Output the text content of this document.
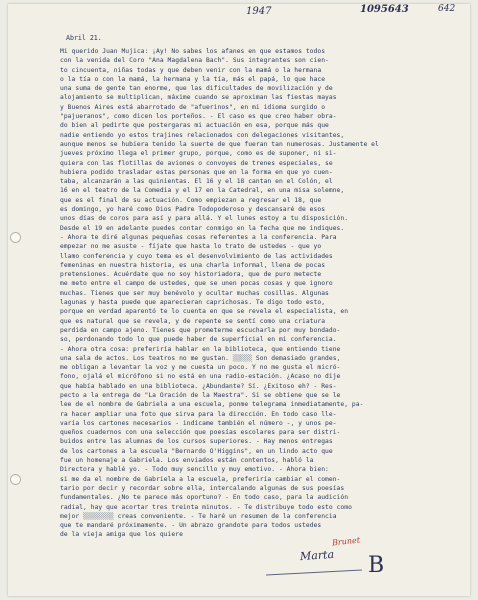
1947	1095643	642
Abril 21.
Mi querido Juan Mujica: ¡Ay! No sabes los afanes en que estamos todos
con la venida del Coro "Ana Magdalena Bach". Sus integrantes son cien-
to cincuenta, niñas todas y que deben venir con la mamá o la hermana
o la tía o con la mamá, la hermana y la tía, más el papá, lo que hace
una suma de gente tan enorme, que las dificultades de movilización y de
alojamiento se multiplican, máxime cuando se aproximan las fiestas mayas
y Buenos Aires está abarrotado de "afuerinos", en mi idioma surgido o
"pajueranos", como dicen los porteños. - El caso es que creo haber obra-
do bien al pedirte que postergaras mi actuación en esa, porque más que
nadie entiendo yo estos trajines relacionados con delegaciones visitantes,
aunque menos se hubiera tenido la suerte de que fueran tan numerosas. Justamente el
jueves próximo llega el primer grupo, porque, como es de suponer, ni si-
quiera con las flotillas de aviones o convoyes de trenes especiales, se
hubiera podido trasladar estas personas que en la forma en que yo cuen-
taba, alcanzarán a las quinientas. El 16 y el 18 cantan en el Colón, el
16 en el teatro de la Comedia y el 17 en la Catedral, en una misa solemne,
que es el final de su actuación. Como empiezan a regresar el 18, que
es domingo, yo haré como Dios Padre Todopoderoso y descansaré de esos
unos días de coros para así y para allá. Y el lunes estoy a tu disposición.
Desde el 19 en adelante puedes contar conmigo en la fecha que me indiques.
- Ahora te diré algunas pequeñas cosas referentes a la conferencia. Para
empezar no me asuste - fíjate que hasta lo trato de ustedes - que yo
llamo conferencia y cuyo tema es el desenvolvimiento de las actividades
femeninas en nuestra historia, es una charla informal, llena de pocas
pretensiones. Acuérdate que no soy historiadora, que de puro metecte
me meto entre el campo de ustedes, que se unen pocas cosas y que ignoro
muchas. Tienes que ser muy benévolo y ocultar muchas cosillas. Algunas
lagunas y hasta puede que aparecieran caprichosas. Te digo todo esto,
porque en verdad aparentó te lo cuenta en que se revela el especialista, en
que es natural que se revela, y de repente se sentí como una criatura
perdida en campo ajeno. Tienes que prometerme escucharla por muy bondado-
so, perdonando todo lo que puede haber de superficial en mi conferencia.
- Ahora otra cosa: preferiría hablar en la biblioteca, que entiendo tiene
una sala de actos. Los teatros no me gustan. ░░░░░ Son demasiado grandes,
me obligan a levantar la voz y me cuesta un poco. Y no me gusta el micró-
fono, ojalá el micrófono si no está en una radio-estación. ¿Acaso no dije
que había hablado en una biblioteca. ¿Abundante? Sí. ¿Exitoso eh? - Res-
pecto a la entrega de "La Oración de la Maestra". Si se obtiene que se le
lee de el nombre de Gabriela a una escuela, ponme telegrama inmediatamente, pa-
ra hacer ampliar una foto que sirva para la dirección. En todo caso lle-
varía los cartones necesarios - indícame también el número -, y unos pe-
queños cuadernos con una selección que poesías escolares para ser distri-
buidos entre las alumnas de los cursos superiores. - Hay menos entregas
de los cartones a la escuela "Bernardo O'Higgins", en un lindo acto que
fue un homenaje a Gabriela. Los enviados están contentos, habló la
Directora y hablé yo. - Todo muy sencillo y muy emotivo. - Ahora bien:
si me da el nombre de Gabriela a la escuela, preferiría cambiar el comen-
tario por decir y recordar sobre ella, intercalando algunas de sus poesías
fundamentales. ¿No te parece más oportuno? - En todo caso, para la audición
radial, hay que acortar tres treinta minutos. - Te distribuye todo esto como
mejor ░░░░░░░░ creas conveniente. - Te haré un resumen de la conferencia
que te mandaré próximamente. - Un abrazo grandote para todos ustedes
de la vieja amiga que los quiere
Marta
Brunet
B
